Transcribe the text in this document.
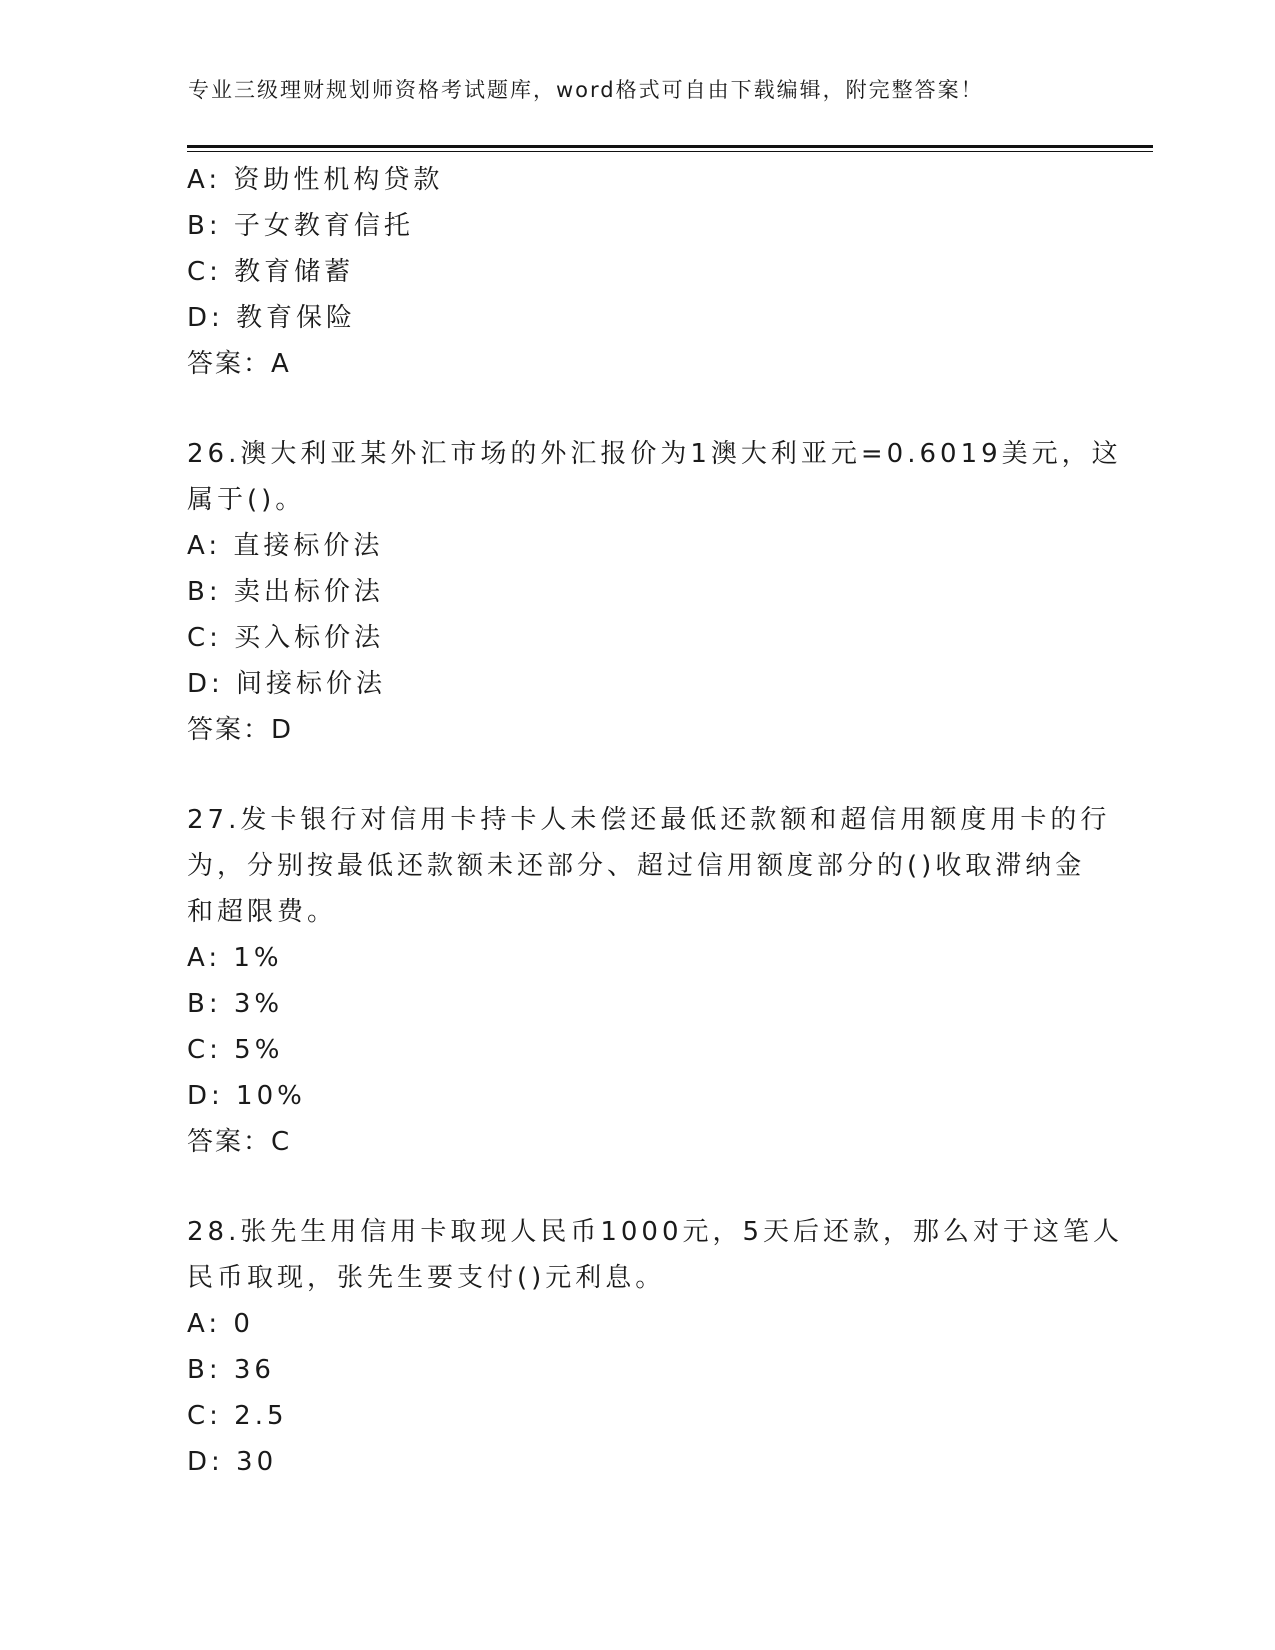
专业三级理财规划师资格考试题库，word格式可自由下载编辑，附完整答案！
A: 资助性机构贷款
B: 子女教育信托
C: 教育储蓄
D: 教育保险
答案：A
26.澳大利亚某外汇市场的外汇报价为1澳大利亚元=0.6019美元，这
属于()。
A: 直接标价法
B: 卖出标价法
C: 买入标价法
D: 间接标价法
答案：D
27.发卡银行对信用卡持卡人未偿还最低还款额和超信用额度用卡的行
为，分别按最低还款额未还部分、超过信用额度部分的()收取滞纳金
和超限费。
A: 1%
B: 3%
C: 5%
D: 10%
答案：C
28.张先生用信用卡取现人民币1000元，5天后还款，那么对于这笔人
民币取现，张先生要支付()元利息。
A: 0
B: 36
C: 2.5
D: 30
